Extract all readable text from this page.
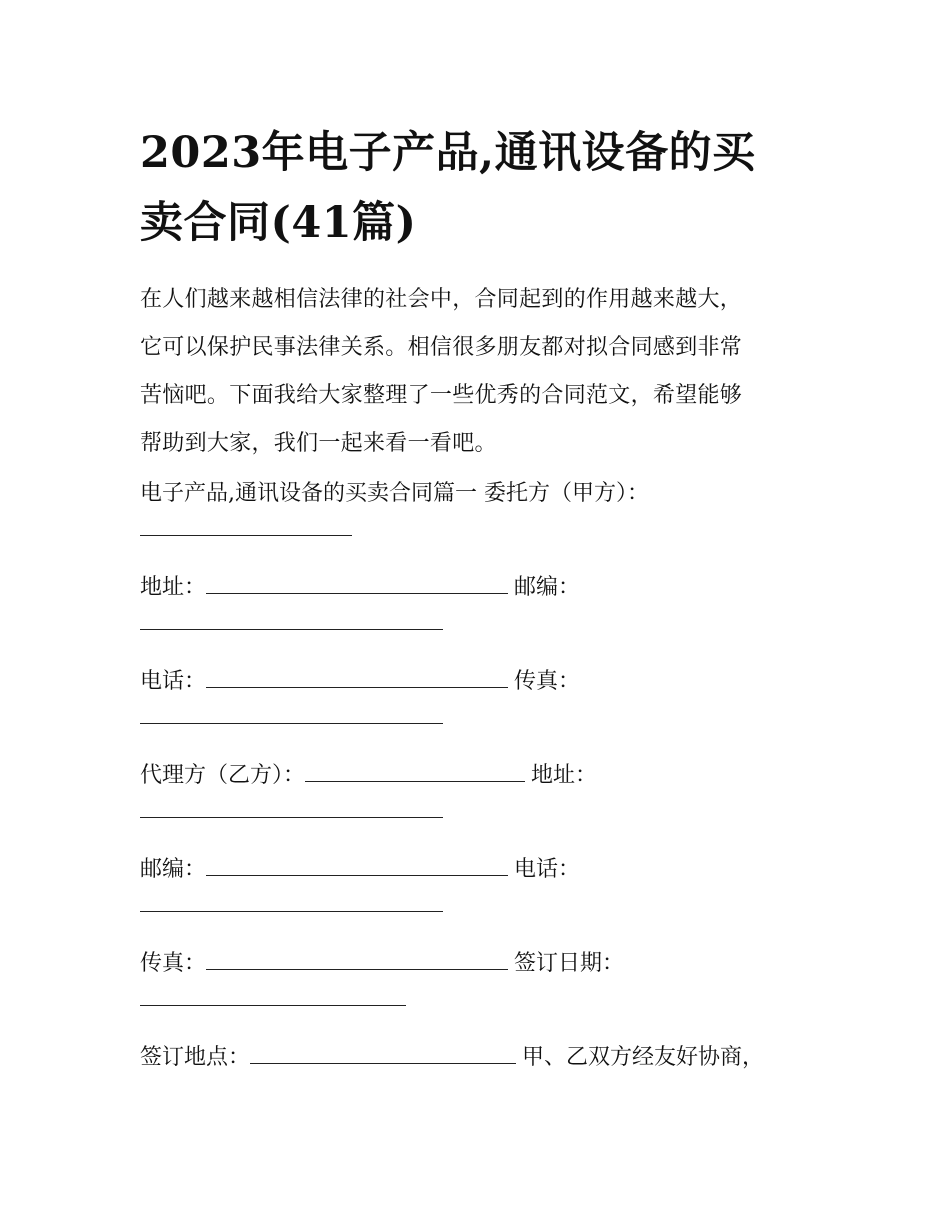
2023年电子产品,通讯设备的买
卖合同(41篇)

在人们越来越相信法律的社会中，合同起到的作用越来越大，

它可以保护民事法律关系。相信很多朋友都对拟合同感到非常

苦恼吧。下面我给大家整理了一些优秀的合同范文，希望能够

帮助到大家，我们一起来看一看吧。

电子产品,通讯设备的买卖合同篇一 委托方（甲方）：
地址：	邮编：
电话：	传真：
代理方（乙方）：	地址：
邮编：	电话：
传真：	签订日期：
签订地点：	甲、乙双方经友好协商，
